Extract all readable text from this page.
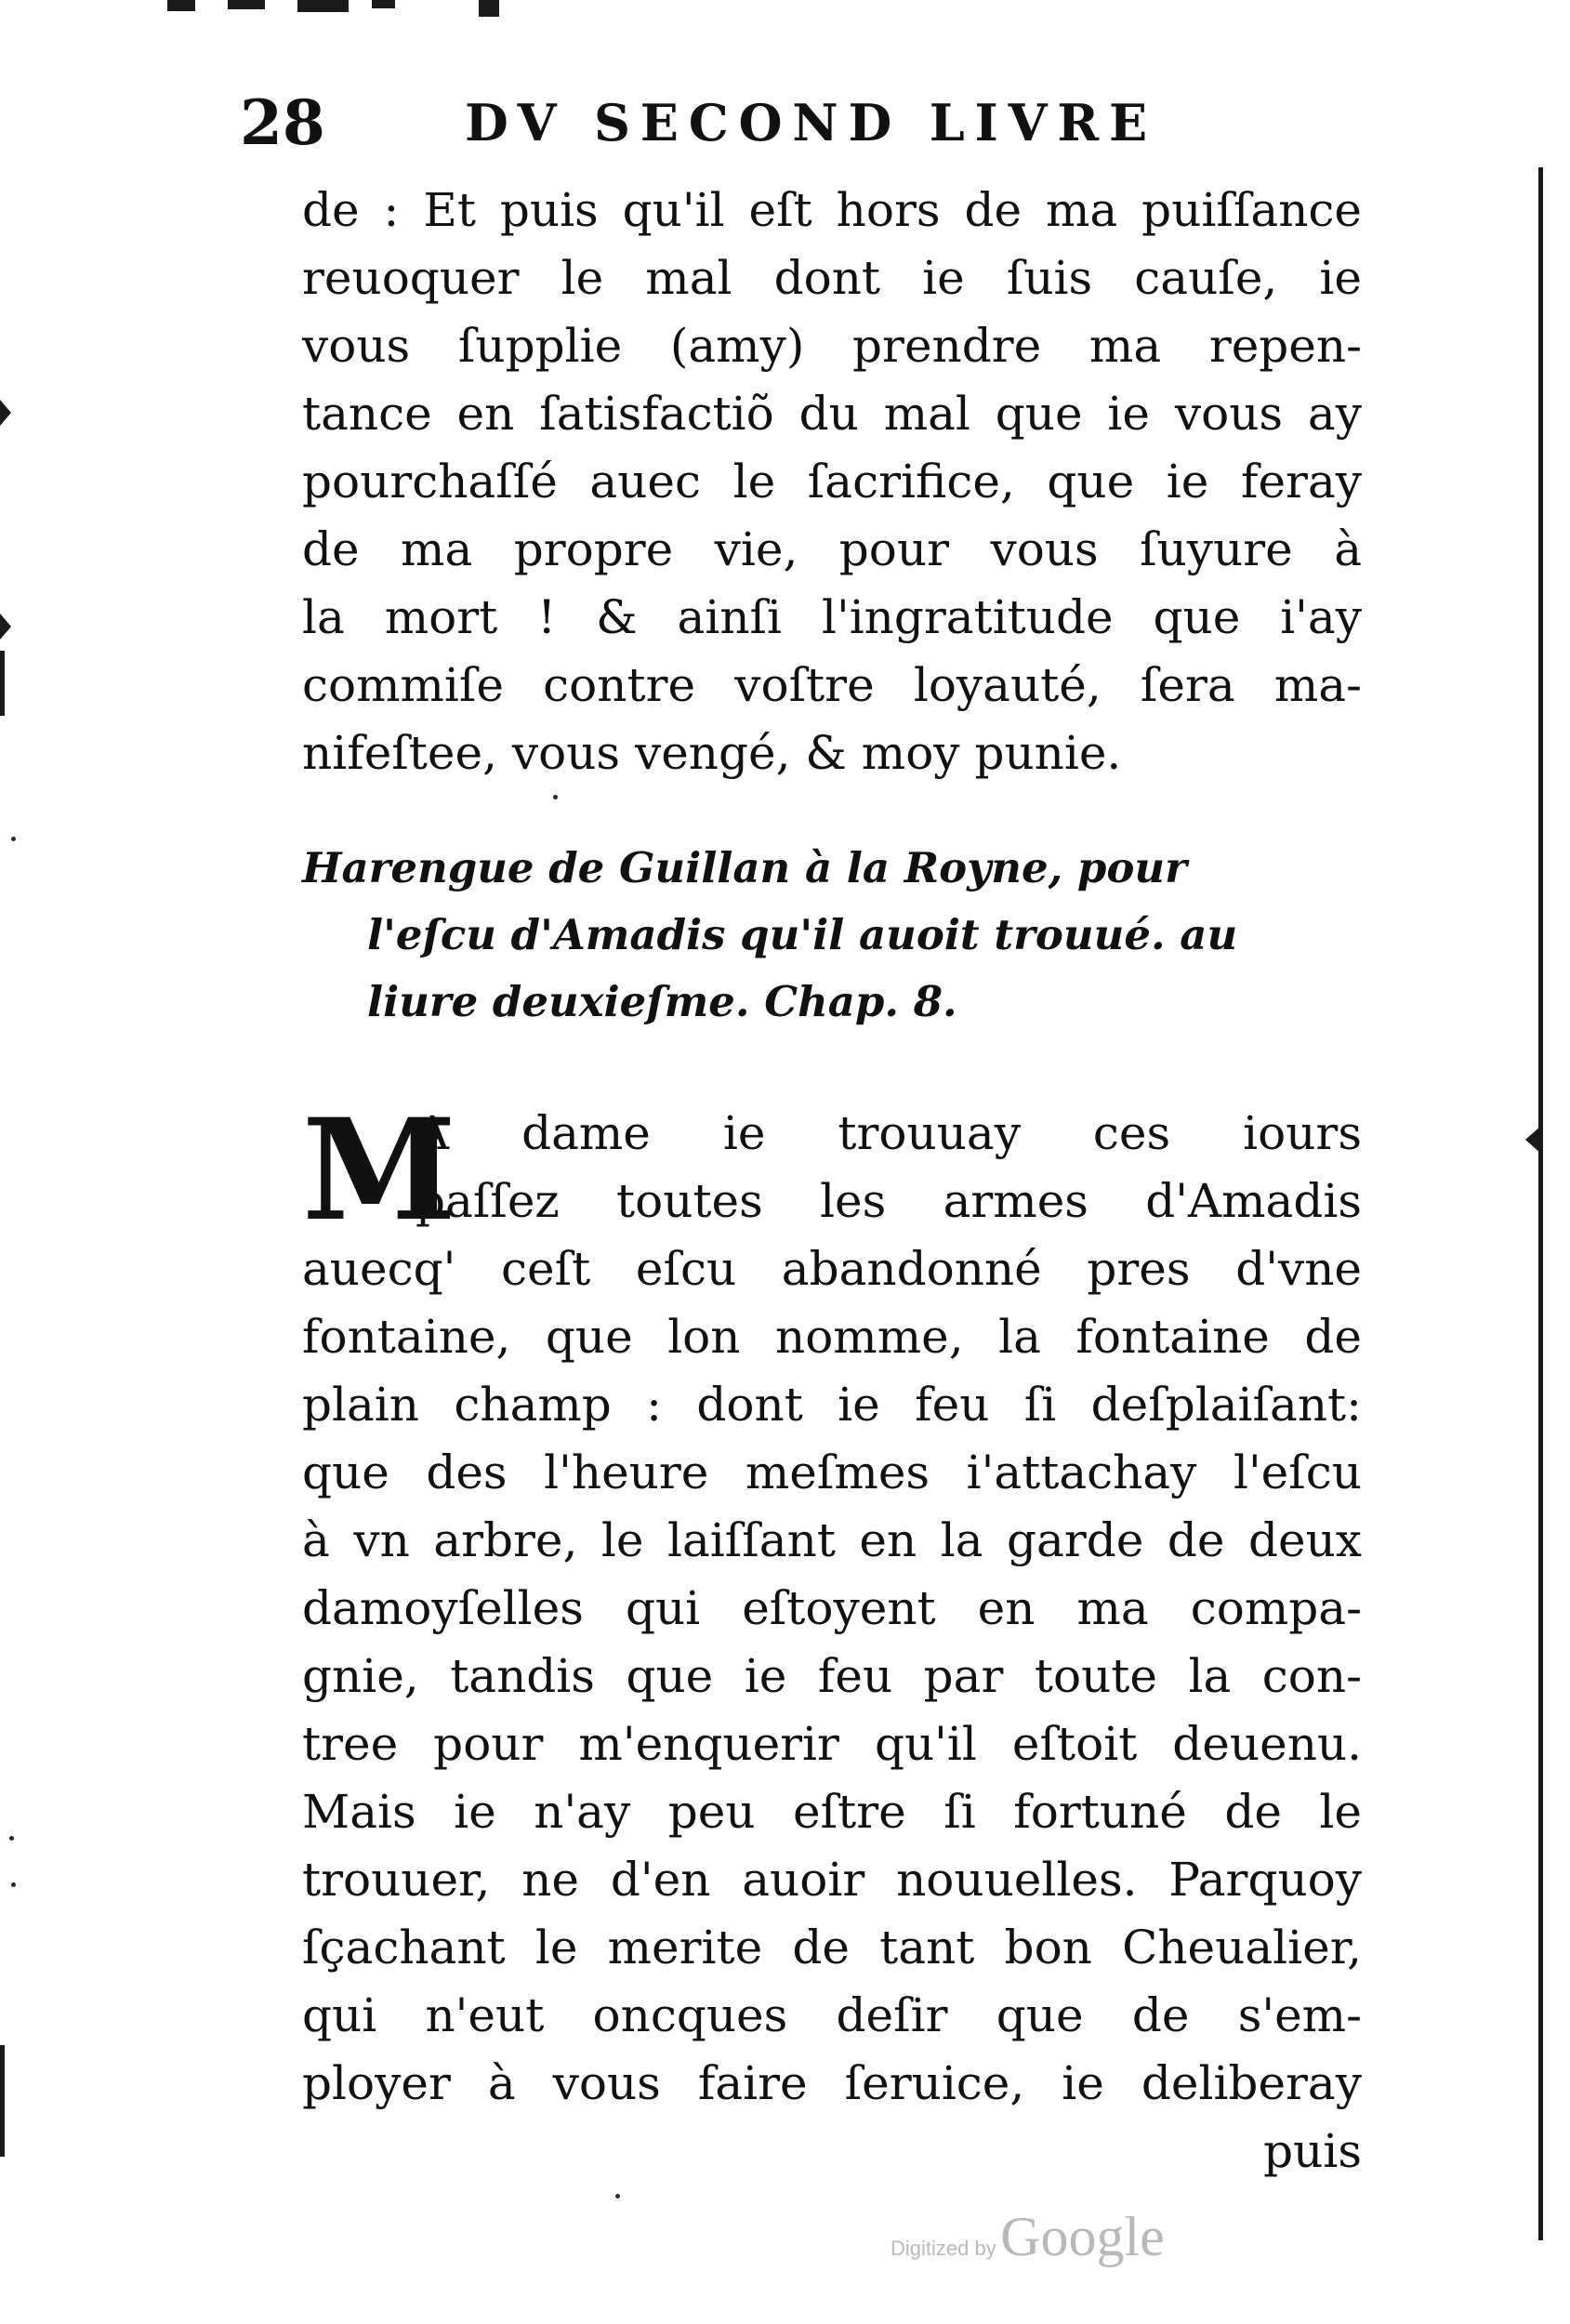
28	DV SECOND LIVRE
de : Et puis qu'il eſt hors de ma puiſſance
reuoquer le mal dont ie ſuis cauſe, ie
vous ſupplie (amy) prendre ma repen-
tance en ſatisfactiõ du mal que ie vous ay
pourchaſſé auec le ſacrifice, que ie feray
de ma propre vie, pour vous ſuyure à
la mort ! & ainſi l'ingratitude que i'ay
commiſe contre voſtre loyauté, ſera ma-
nifeſtee, vous vengé, & moy punie.
Harengue de Guillan à la Royne, pour
l'eſcu d'Amadis qu'il auoit trouué. au
liure deuxieſme. Chap. 8.
M
A dame ie trouuay ces iours
paſſez toutes les armes d'Amadis
auecq' ceſt eſcu abandonné pres d'vne
fontaine, que lon nomme, la fontaine de
plain champ : dont ie feu ſi deſplaiſant:
que des l'heure meſmes i'attachay l'eſcu
à vn arbre, le laiſſant en la garde de deux
damoyſelles qui eſtoyent en ma compa-
gnie, tandis que ie feu par toute la con-
tree pour m'enquerir qu'il eſtoit deuenu.
Mais ie n'ay peu eſtre ſi fortuné de le
trouuer, ne d'en auoir nouuelles. Parquoy
ſçachant le merite de tant bon Cheualier,
qui n'eut oncques deſir que de s'em-
ployer à vous faire ſeruice, ie deliberay
puis
Digitized by Google
